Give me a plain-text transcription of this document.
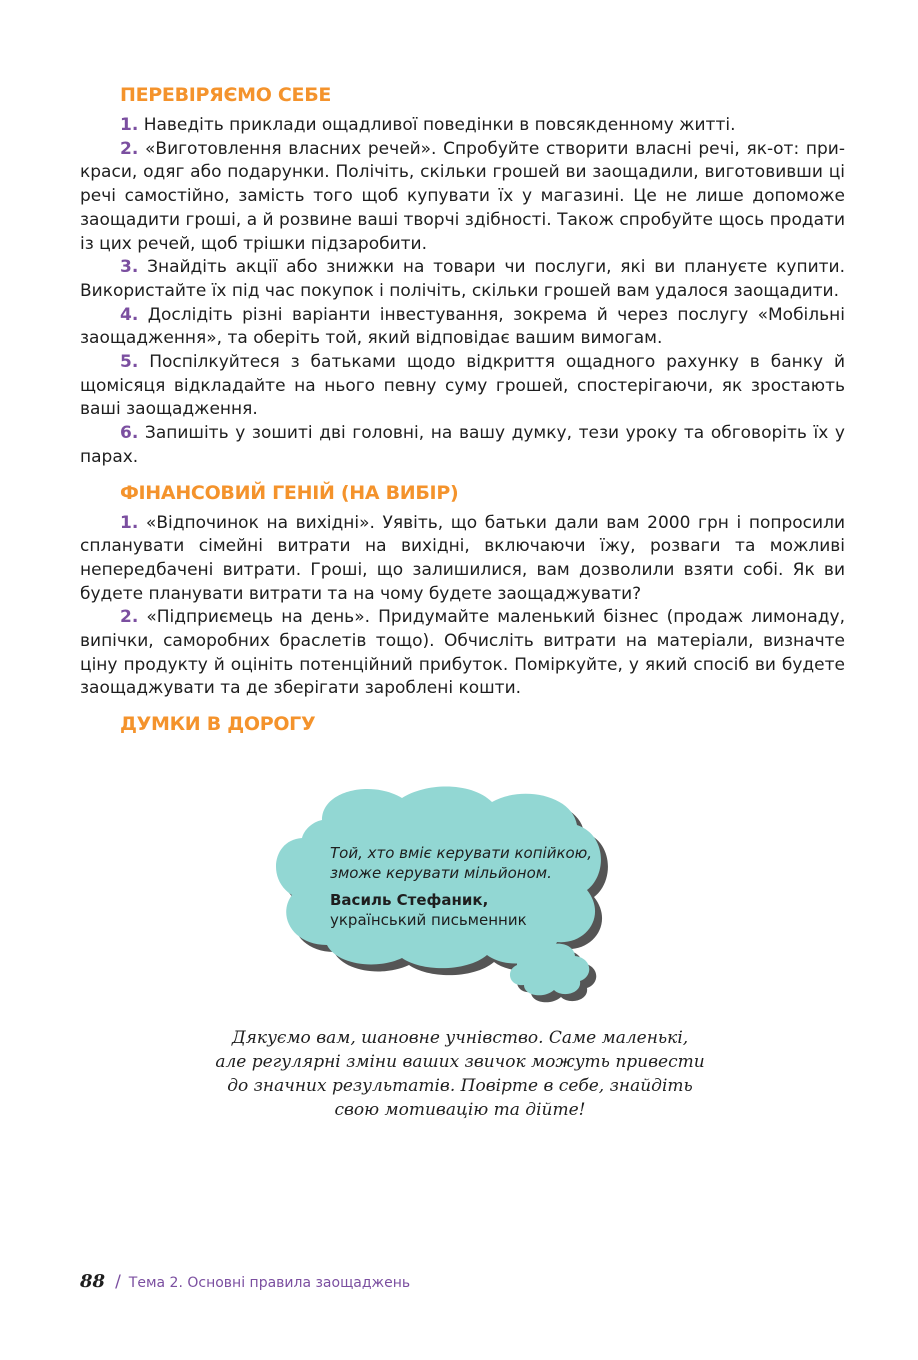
ПЕРЕВІРЯЄМО СЕБЕ

1. Наведіть приклади ощадливої поведінки в повсякденному житті.

2. «Виготовлення власних речей». Спробуйте створити власні речі, як-от: прикраси, одяг або подарунки. Полічіть, скільки грошей ви заощадили, виготовивши ці речі самостійно, замість того щоб купувати їх у магазині. Це не лише допоможе заощадити гроші, а й розвине ваші творчі здібності. Також спробуйте щось продати із цих речей, щоб трішки підзаробити.

3. Знайдіть акції або знижки на товари чи послуги, які ви плануєте купити. Використайте їх під час покупок і полічіть, скільки грошей вам удалося заощадити.

4. Дослідіть різні варіанти інвестування, зокрема й через послугу «Мобільні заощадження», та оберіть той, який відповідає вашим вимогам.

5. Поспілкуйтеся з батьками щодо відкриття ощадного рахунку в банку й щомісяця відкладайте на нього певну суму грошей, спостерігаючи, як зростають ваші заощадження.

6. Запишіть у зошиті дві головні, на вашу думку, тези уроку та обговоріть їх у парах.

ФІНАНСОВИЙ ГЕНІЙ (НА ВИБІР)

1. «Відпочинок на вихідні». Уявіть, що батьки дали вам 2000 грн і попросили спланувати сімейні витрати на вихідні, включаючи їжу, розваги та можливі непередбачені витрати. Гроші, що залишилися, вам дозволили взяти собі. Як ви будете планувати витрати та на чому будете заощаджувати?

2. «Підприємець на день». Придумайте маленький бізнес (продаж лимонаду, випічки, саморобних браслетів тощо). Обчисліть витрати на матеріали, визначте ціну продукту й оцініть потенційний прибуток. Поміркуйте, у який спосіб ви будете заощаджувати та де зберігати зароблені кошти.

ДУМКИ В ДОРОГУ
Той, хто вміє керувати копійкою,
зможе керувати мільйоном.
Василь Стефаник,
український письменник
Дякуємо вам, шановне учнівство. Саме маленькі,
але регулярні зміни ваших звичок можуть привести
до значних результатів. Повірте в себе, знайдіть
свою мотивацію та дійте!
88 / Тема 2. Основні правила заощаджень
